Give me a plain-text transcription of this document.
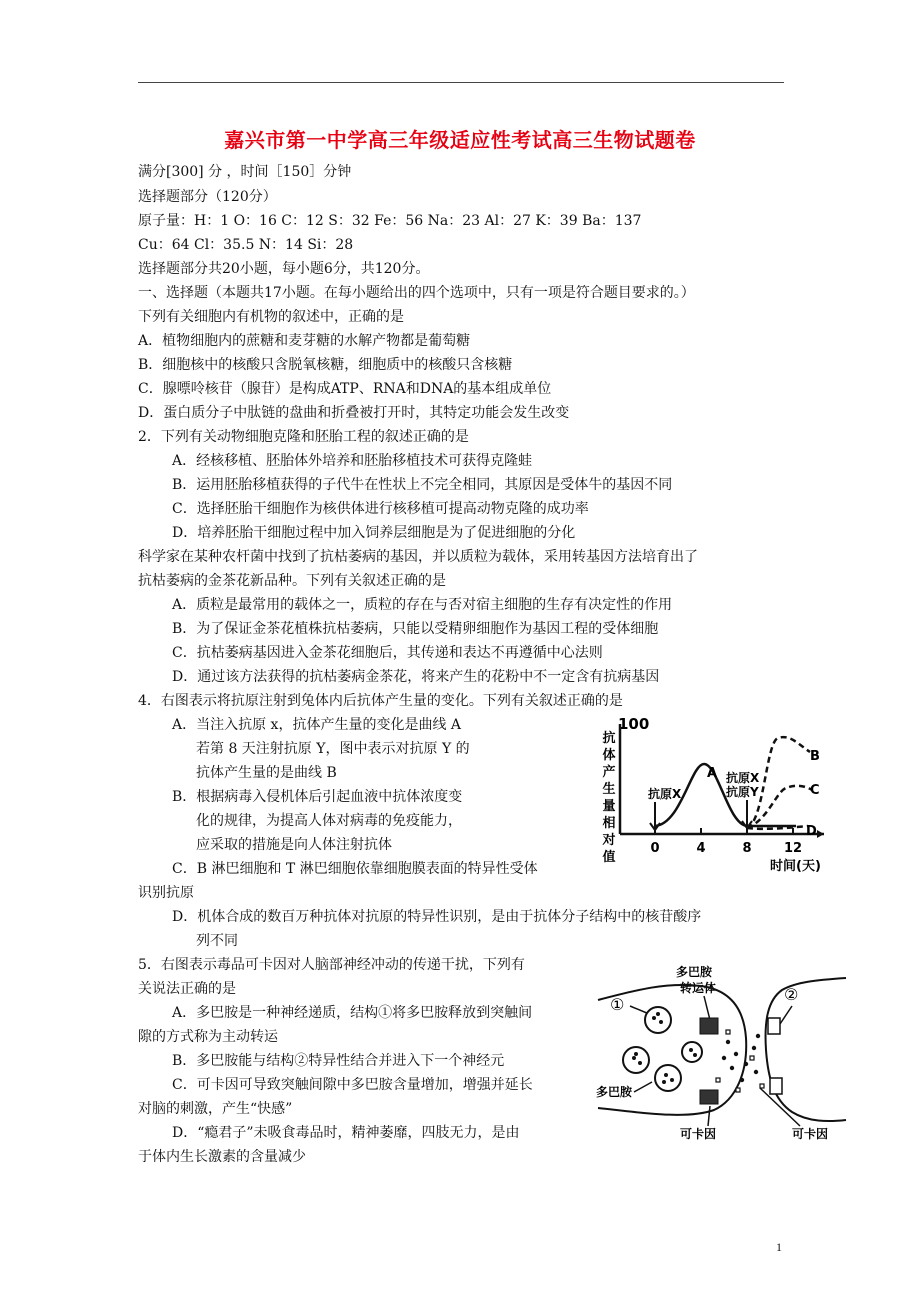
嘉兴市第一中学高三年级适应性考试高三生物试题卷
满分[300] 分 ，时间［150］分钟
选择题部分（120分）
原子量：H：1 O：16 C：12 S：32 Fe：56 Na：23 Al：27 K：39 Ba：137
Cu：64 Cl：35.5 N：14 Si：28
选择题部分共20小题，每小题6分，共120分。
一、选择题（本题共17小题。在每小题给出的四个选项中，只有一项是符合题目要求的。）
下列有关细胞内有机物的叙述中，正确的是
A．植物细胞内的蔗糖和麦芽糖的水解产物都是葡萄糖
B．细胞核中的核酸只含脱氧核糖，细胞质中的核酸只含核糖
C．腺嘌呤核苷（腺苷）是构成ATP、RNA和DNA的基本组成单位
D．蛋白质分子中肽链的盘曲和折叠被打开时，其特定功能会发生改变
2．下列有关动物细胞克隆和胚胎工程的叙述正确的是
A．经核移植、胚胎体外培养和胚胎移植技术可获得克隆蛙
B．运用胚胎移植获得的子代牛在性状上不完全相同，其原因是受体牛的基因不同
C．选择胚胎干细胞作为核供体进行核移植可提高动物克隆的成功率
D．培养胚胎干细胞过程中加入饲养层细胞是为了促进细胞的分化
科学家在某种农杆菌中找到了抗枯萎病的基因，并以质粒为载体，采用转基因方法培育出了
抗枯萎病的金茶花新品种。下列有关叙述正确的是
A．质粒是最常用的载体之一，质粒的存在与否对宿主细胞的生存有决定性的作用
B．为了保证金茶花植株抗枯萎病，只能以受精卵细胞作为基因工程的受体细胞
C．抗枯萎病基因进入金茶花细胞后，其传递和表达不再遵循中心法则
D．通过该方法获得的抗枯萎病金茶花，将来产生的花粉中不一定含有抗病基因
4．右图表示将抗原注射到兔体内后抗体产生量的变化。下列有关叙述正确的是
A．当注入抗原 x，抗体产生量的变化是曲线 A
若第 8 天注射抗原 Y，图中表示对抗原 Y 的
抗体产生量的是曲线 B
B．根据病毒入侵机体后引起血液中抗体浓度变
化的规律，为提高人体对病毒的免疫能力，
应采取的措施是向人体注射抗体
C．B 淋巴细胞和 T 淋巴细胞依靠细胞膜表面的特异性受体
识别抗原
D．机体合成的数百万种抗体对抗原的特异性识别，是由于抗体分子结构中的核苷酸序
列不同
5．右图表示毒品可卡因对人脑部神经冲动的传递干扰，下列有
关说法正确的是
A．多巴胺是一种神经递质，结构①将多巴胺释放到突触间
隙的方式称为主动转运
B．多巴胺能与结构②特异性结合并进入下一个神经元
C．可卡因可导致突触间隙中多巴胺含量增加，增强并延长
对脑的刺激，产生“快感”
D．“瘾君子”未吸食毒品时，精神萎靡，四肢无力，是由
于体内生长激素的含量减少
100
抗
体
产
生
量
相
对
值
0	4	8 12
时间(天)
A
B
C
D
抗原X
抗原X
抗原Y
多巴胺
转运体
①
②
多巴胺
可卡因	可卡因
1
